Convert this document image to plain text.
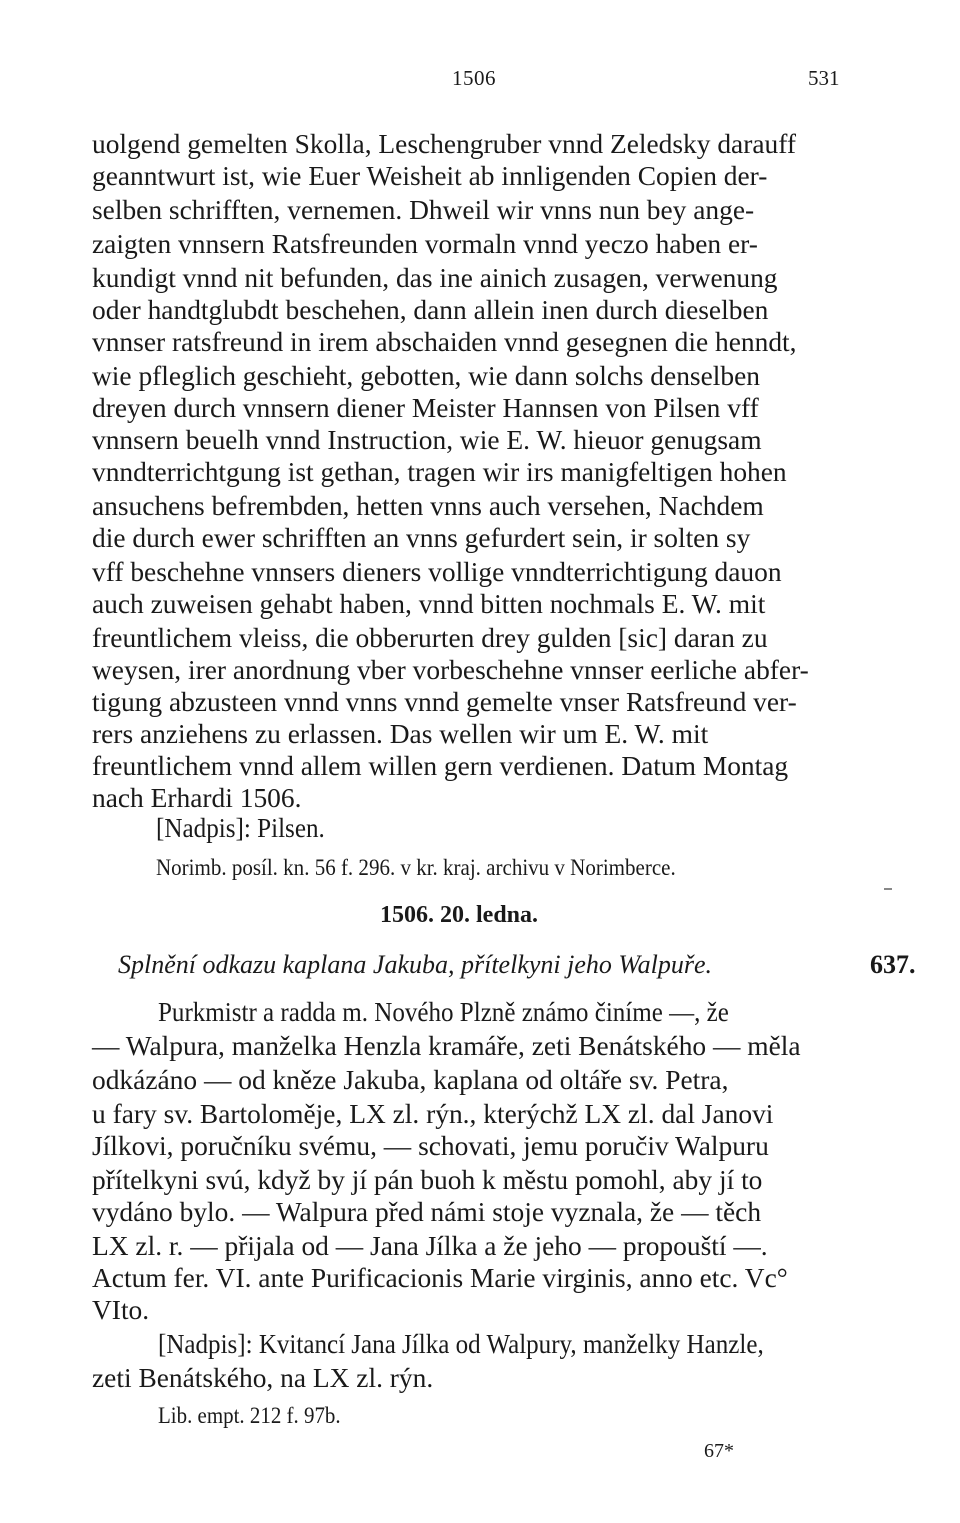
1506	531
uolgend gemelten Skolla, Leschengruber vnnd Zeledsky darauff
geanntwurt ist, wie Euer Weisheit ab innligenden Copien der-
selben schrifften, vernemen. Dhweil wir vnns nun bey ange-
zaigten vnnsern Ratsfreunden vormaln vnnd yeczo haben er-
kundigt vnnd nit befunden, das ine ainich zusagen, verwenung
oder handtglubdt beschehen, dann allein inen durch dieselben
vnnser ratsfreund in irem abschaiden vnnd gesegnen die henndt,
wie pfleglich geschieht, gebotten, wie dann solchs denselben
dreyen durch vnnsern diener Meister Hannsen von Pilsen vff
vnnsern beuelh vnnd Instruction, wie E. W. hieuor genugsam
vnndterrichtgung ist gethan, tragen wir irs manigfeltigen hohen
ansuchens befrembden, hetten vnns auch versehen, Nachdem
die durch ewer schrifften an vnns gefurdert sein, ir solten sy
vff beschehne vnnsers dieners vollige vnndterrichtigung dauon
auch zuweisen gehabt haben, vnnd bitten nochmals E. W. mit
freuntlichem vleiss, die obberurten drey gulden [sic] daran zu
weysen, irer anordnung vber vorbeschehne vnnser eerliche abfer-
tigung abzusteen vnnd vnns vnnd gemelte vnser Ratsfreund ver-
rers anziehens zu erlassen. Das wellen wir um E. W. mit
freuntlichem vnnd allem willen gern verdienen. Datum Montag
nach Erhardi 1506.
[Nadpis]: Pilsen.
Norimb. posíl. kn. 56 f. 296. v kr. kraj. archivu v Norimberce.
1506. 20. ledna.
Splnění odkazu kaplana Jakuba, přítelkyni jeho Walpuře.	637.
Purkmistr a radda m. Nového Plzně známo činíme —, že
— Walpura, manželka Henzla kramáře, zeti Benátského — měla
odkázáno — od kněze Jakuba, kaplana od oltáře sv. Petra,
u fary sv. Bartoloměje, LX zl. rýn., kterýchž LX zl. dal Janovi
Jílkovi, poručníku svému, — schovati, jemu poručiv Walpuru
přítelkyni svú, když by jí pán buoh k městu pomohl, aby jí to
vydáno bylo. — Walpura před námi stoje vyznala, že — těch
LX zl. r. — přijala od — Jana Jílka a že jeho — propouští —.
Actum fer. VI. ante Purificacionis Marie virginis, anno etc. Vc°
VIto.
[Nadpis]: Kvitancí Jana Jílka od Walpury, manželky Hanzle,
zeti Benátského, na LX zl. rýn.
Lib. empt. 212 f. 97b.
67*
